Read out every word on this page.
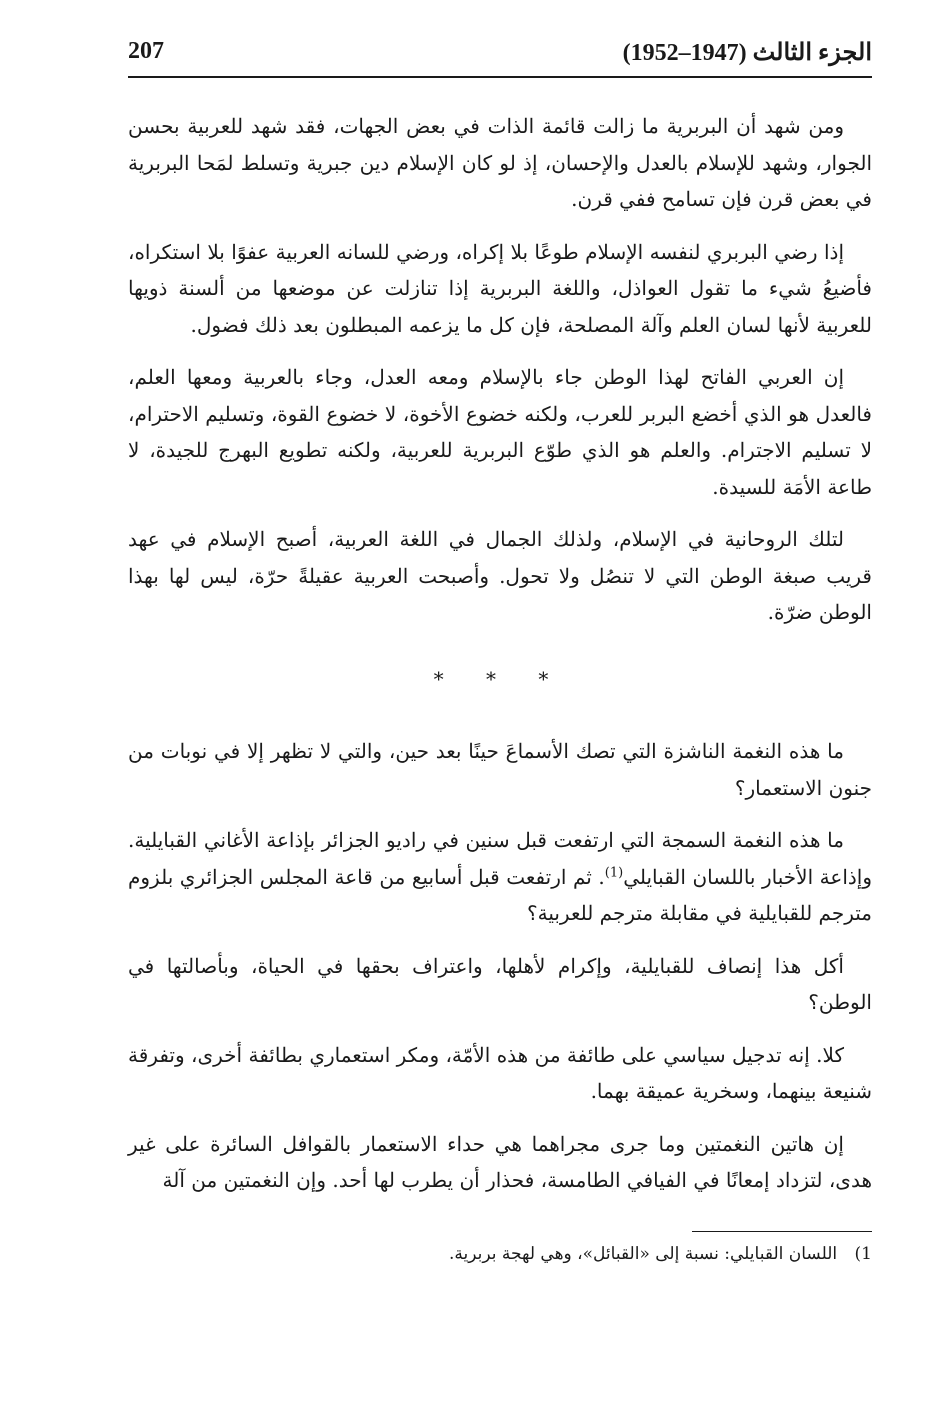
207	الجزء الثالث (1947–1952)

ومن شهد أن البربرية ما زالت قائمة الذات في بعض الجهات، فقد شهد للعربية بحسن الجوار، وشهد للإسلام بالعدل والإحسان، إذ لو كان الإسلام دين جبرية وتسلط لمَحا البربرية في بعض قرن فإن تسامح ففي قرن.

إذا رضي البربري لنفسه الإسلام طوعًا بلا إكراه، ورضي للسانه العربية عفوًا بلا استكراه، فأضيعُ شيء ما تقول العواذل، واللغة البربرية إذا تنازلت عن موضعها من ألسنة ذويها للعربية لأنها لسان العلم وآلة المصلحة، فإن كل ما يزعمه المبطلون بعد ذلك فضول.

إن العربي الفاتح لهذا الوطن جاء بالإسلام ومعه العدل، وجاء بالعربية ومعها العلم، فالعدل هو الذي أخضع البربر للعرب، ولكنه خضوع الأخوة، لا خضوع القوة، وتسليم الاحترام، لا تسليم الاجترام. والعلم هو الذي طوّع البربرية للعربية، ولكنه تطويع البهرج للجيدة، لا طاعة الأمَة للسيدة.

لتلك الروحانية في الإسلام، ولذلك الجمال في اللغة العربية، أصبح الإسلام في عهد قريب صبغة الوطن التي لا تنصُل ولا تحول. وأصبحت العربية عقيلةً حرّة، ليس لها بهذا الوطن ضرّة.

* * *

ما هذه النغمة الناشزة التي تصك الأسماعَ حينًا بعد حين، والتي لا تظهر إلا في نوبات من جنون الاستعمار؟

ما هذه النغمة السمجة التي ارتفعت قبل سنين في راديو الجزائر بإذاعة الأغاني القبايلية. وإذاعة الأخبار باللسان القبايلي$^{(1)}$. ثم ارتفعت قبل أسابيع من قاعة المجلس الجزائري بلزوم مترجم للقبايلية في مقابلة مترجم للعربية؟

أكل هذا إنصاف للقبايلية، وإكرام لأهلها، واعتراف بحقها في الحياة، وبأصالتها في الوطن؟

كلا. إنه تدجيل سياسي على طائفة من هذه الأمّة، ومكر استعماري بطائفة أخرى، وتفرقة شنيعة بينهما، وسخرية عميقة بهما.

إن هاتين النغمتين وما جرى مجراهما هي حداء الاستعمار بالقوافل السائرة على غير هدى، لتزداد إمعانًا في الفيافي الطامسة، فحذار أن يطرب لها أحد. وإن النغمتين من آلة

1) اللسان القبايلي: نسبة إلى «القبائل»، وهي لهجة بربرية.
